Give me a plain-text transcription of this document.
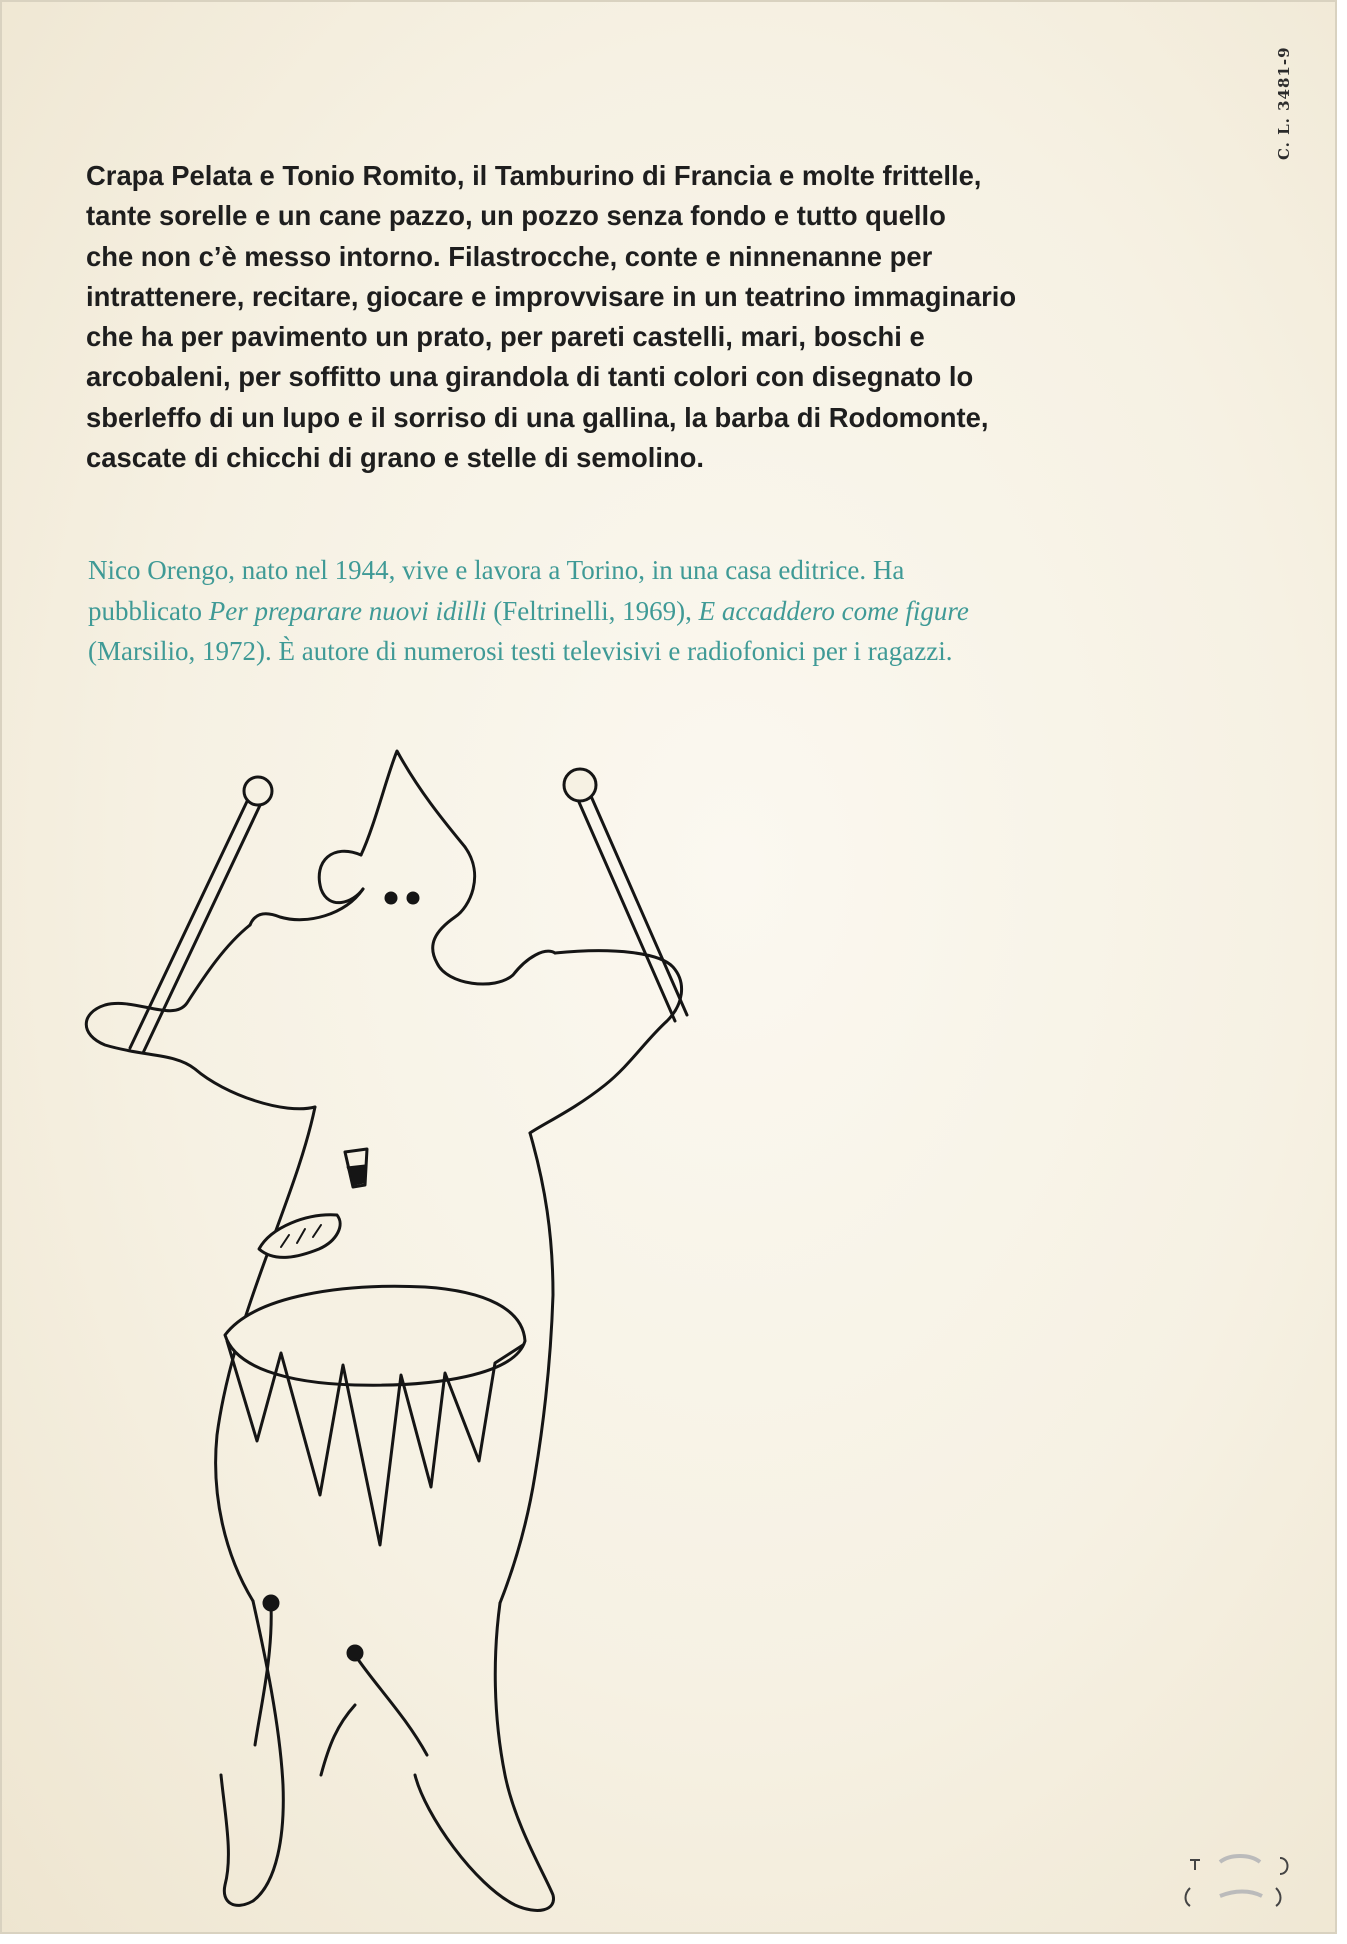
C. L. 3481-9
Crapa Pelata e Tonio Romito, il Tamburino di Francia e molte frittelle,
tante sorelle e un cane pazzo, un pozzo senza fondo e tutto quello
che non c’è messo intorno. Filastrocche, conte e ninnenanne per
intrattenere, recitare, giocare e improvvisare in un teatrino immaginario
che ha per pavimento un prato, per pareti castelli, mari, boschi e
arcobaleni, per soffitto una girandola di tanti colori con disegnato lo
sberleffo di un lupo e il sorriso di una gallina, la barba di Rodomonte,
cascate di chicchi di grano e stelle di semolino.
Nico Orengo, nato nel 1944, vive e lavora a Torino, in una casa editrice. Ha
pubblicato Per preparare nuovi idilli (Feltrinelli, 1969), E accaddero come figure
(Marsilio, 1972). È autore di numerosi testi televisivi e radiofonici per i ragazzi.
